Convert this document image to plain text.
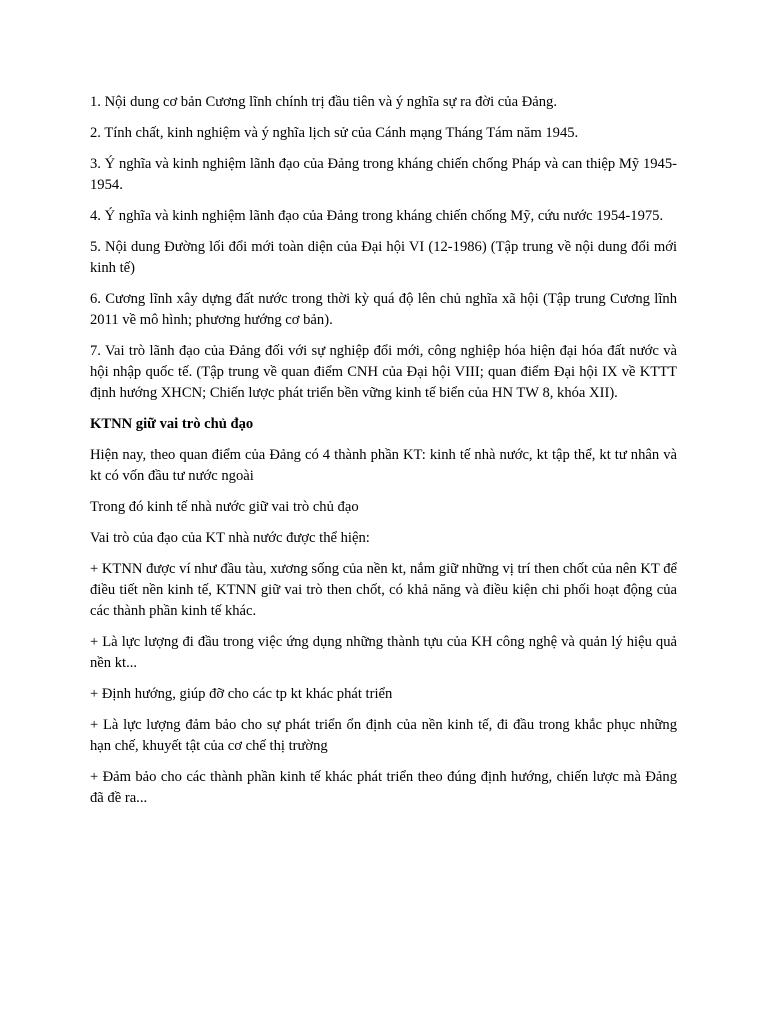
1. Nội dung cơ bản Cương lĩnh chính trị đầu tiên và ý nghĩa sự ra đời của Đảng.

2. Tính chất, kinh nghiệm và ý nghĩa lịch sử của Cánh mạng Tháng Tám năm 1945.

3. Ý nghĩa và kinh nghiệm lãnh đạo của Đảng trong kháng chiến chống Pháp và can thiệp Mỹ 1945-1954.

4. Ý nghĩa và kinh nghiệm lãnh đạo của Đảng trong kháng chiến chống Mỹ, cứu nước 1954-1975.

5. Nội dung Đường lối đổi mới toàn diện của Đại hội VI (12-1986) (Tập trung về nội dung đổi mới kinh tế)

6. Cương lĩnh xây dựng đất nước trong thời kỳ quá độ lên chủ nghĩa xã hội (Tập trung Cương lĩnh 2011 về mô hình; phương hướng cơ bản).

7. Vai trò lãnh đạo của Đảng đối với sự nghiệp đổi mới, công nghiệp hóa hiện đại hóa đất nước và hội nhập quốc tế. (Tập trung về quan điểm CNH của Đại hội VIII; quan điểm Đại hội IX về KTTT định hướng XHCN; Chiến lược phát triển bền vững kinh tế biển của HN TW 8, khóa XII).

KTNN giữ vai trò chủ đạo

Hiện nay, theo quan điểm của Đảng có 4 thành phần KT: kinh tế nhà nước, kt tập thể, kt tư nhân và kt có vốn đầu tư nước ngoài

Trong đó kinh tế nhà nước giữ vai trò chủ đạo

Vai trò của đạo của KT nhà nước được thể hiện:

+ KTNN được ví như đầu tàu, xương sống của nền kt, nắm giữ những vị trí then chốt của nên KT để điều tiết nền kinh tế, KTNN giữ vai trò then chốt, có khả năng và điều kiện chi phối hoạt động của các thành phần kinh tế khác.

+ Là lực lượng đi đầu trong việc ứng dụng những thành tựu của KH công nghệ và quản lý hiệu quả nền kt...

+ Định hướng, giúp đỡ cho các tp kt khác phát triển

+ Là lực lượng đảm bảo cho sự phát triển ổn định của nền kinh tế, đi đầu trong khắc phục những hạn chế, khuyết tật của cơ chế thị trường

+ Đảm bảo cho các thành phần kinh tế khác phát triển theo đúng định hướng, chiến lược mà Đảng đã đề ra...
